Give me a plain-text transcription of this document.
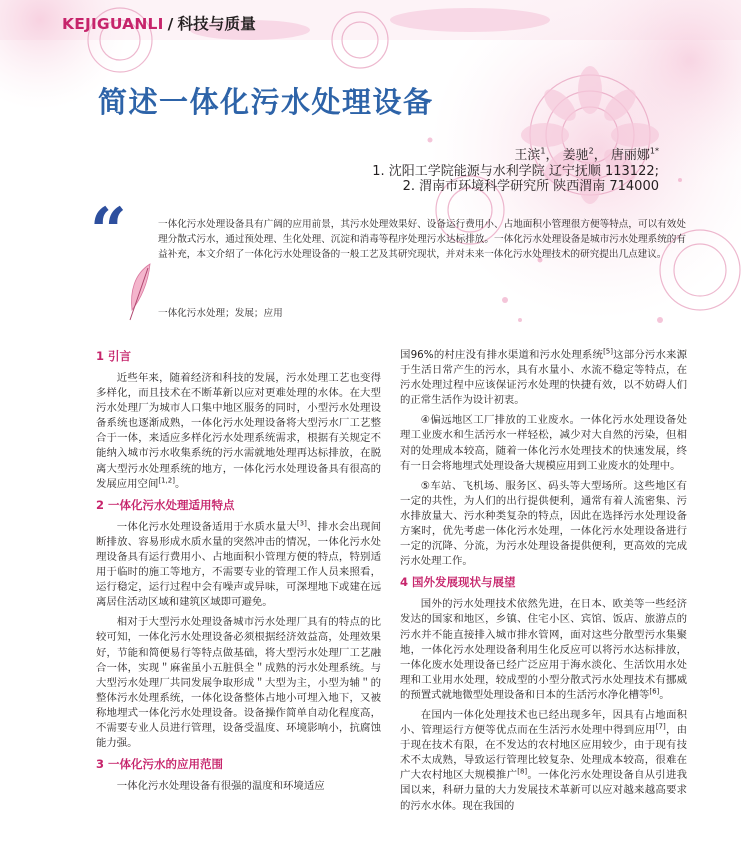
KEJIGUANLI / 科技与质量
简述一体化污水处理设备
王滨$^1$， 姜驰$^2$， 唐丽娜$^{1*}$
1. 沈阳工学院能源与水利学院 辽宁抚顺 113122;
2. 渭南市环境科学研究所 陕西渭南 714000
“	一体化污水处理设备具有广阔的应用前景，其污水处理效果好、设备运行费用小、占地面积小管理很方便等特点，可以有效处理分散式污水，通过预处理、生化处理、沉淀和消毒等程序处理污水达标排放。一体化污水处理设备是城市污水处理系统的有益补充，本文介绍了一体化污水处理设备的一般工艺及其研究现状，并对未来一体化污水处理技术的研究提出几点建议。
一体化污水处理；发展；应用
1 引言
近些年来，随着经济和科技的发展，污水处理工艺也变得多样化，而且技术在不断革新以应对更难处理的水体。在大型污水处理厂为城市人口集中地区服务的同时，小型污水处理设备系统也逐渐成熟，一体化污水处理设备将大型污水厂工艺整合于一体，来适应多样化污水处理系统需求，根据有关规定不能纳入城市污水收集系统的污水需就地处理再达标排放，在脱离大型污水处理系统的地方，一体化污水处理设备具有很高的发展应用空间[1,2]。
2 一体化污水处理适用特点
一体化污水处理设备适用于水质水量大[3]、排水会出现间断排放、容易形成水质水量的突然冲击的情况，一体化污水处理设备具有运行费用小、占地面积小管理方便的特点，特别适用于临时的施工等地方，不需要专业的管理工作人员来照看，运行稳定，运行过程中会有噪声或异味，可深埋地下或建在远离居住活动区域和建筑区域即可避免。
相对于大型污水处理设备城市污水处理厂具有的特点的比较可知，一体化污水处理设备必须根据经济效益高，处理效果好，节能和简便易行等特点做基础，将大型污水处理厂工艺融合一体，实现＂麻雀虽小五脏俱全＂成熟的污水处理系统。与大型污水处理厂共同发展争取形成＂大型为主，小型为辅＂的整体污水处理系统，一体化设备整体占地小可埋入地下，又被称地埋式一体化污水处理设备。设备操作简单自动化程度高，不需要专业人员进行管理，设备受温度、环境影响小，抗腐蚀能力强。
3 一体化污水的应用范围
一体化污水处理设备有很强的温度和环境适应
国96%的村庄没有排水渠道和污水处理系统[5]这部分污水来源于生活日常产生的污水，具有水量小、水流不稳定等特点，在污水处理过程中应该保证污水处理的快捷有效，以不妨碍人们的正常生活作为设计初衷。
④偏远地区工厂排放的工业废水。一体化污水处理设备处理工业废水和生活污水一样轻松，减少对大自然的污染，但相对的处理成本较高，随着一体化污水处理技术的快速发展，终有一日会将地埋式处理设备大规模应用到工业废水的处理中。
⑤车站、飞机场、服务区、码头等大型场所。这些地区有一定的共性，为人们的出行提供便利，通常有着人流密集、污水排放量大、污水种类复杂的特点，因此在选择污水处理设备方案时，优先考虑一体化污水处理，一体化污水处理设备进行一定的沉降、分流，为污水处理设备提供便利，更高效的完成污水处理工作。
4 国外发展现状与展望
国外的污水处理技术依然先进，在日本、欧美等一些经济发达的国家和地区，乡镇、住宅小区、宾馆、饭店、旅游点的污水并不能直接排入城市排水管网，面对这些分散型污水集聚地，一体化污水处理设备利用生化反应可以将污水达标排放，一体化废水处理设备已经广泛应用于海水淡化、生活饮用水处理和工业用水处理，较成型的小型分散式污水处理技术有挪威的预置式就地微型处理设备和日本的生活污水净化槽等[6]。
在国内一体化处理技术也已经出现多年，因具有占地面积小、管理运行方便等优点而在生活污水处理中得到应用[7]，由于现在技术有限，在不发达的农村地区应用较少，由于现有技术不太成熟，导致运行管理比较复杂、处理成本较高，很难在广大农村地区大规模推广[8]。一体化污水处理设备自从引进我国以来，科研力量的大力发展技术革新可以应对越来越高要求的污水水体。现在我国的
